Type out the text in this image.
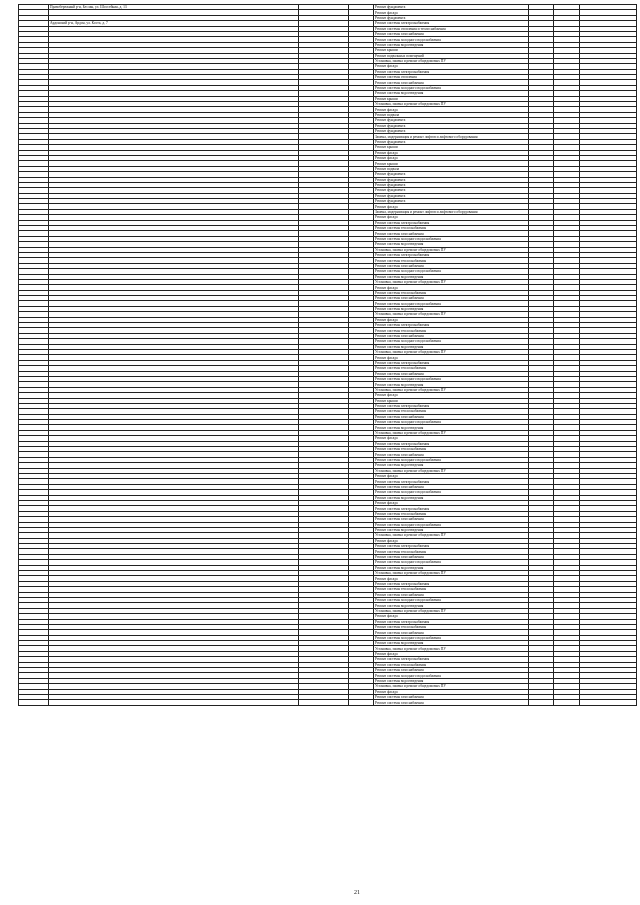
	Правобережный р-н, Беслан, ул. Шоссейная, д. 13			Ремонт фундамента			
				Ремонт фасада			
				Ремонт фундамента			
	Ардонский р-н, Ардон, ул. Коста, д. 7			Ремонт системы электроснабжения			
				Ремонт системы отопления и теплоснабжения			
				Ремонт системы газоснабжения			
				Ремонт системы холодного водоснабжения			
				Ремонт системы водоотведения			
				Ремонт крыши			
				Ремонт подвальных помещений			
				Установка, замена и ремонт общедомовых ПУ			
				Ремонт фасада			
				Ремонт системы электроснабжения			
				Ремонт системы отопления			
				Ремонт системы газоснабжения			
				Ремонт системы холодного водоснабжения			
				Ремонт системы водоотведения			
				Ремонт крыши			
				Установка, замена и ремонт общедомовых ПУ			
				Ремонт фасада			
				Ремонт подвала			
				Ремонт фундамента			
				Ремонт фундамента			
				Ремонт фундамента			
				Замена, модернизация и ремонт лифтов и лифтового оборудования			
				Ремонт фундамента			
				Ремонт крыши			
				Ремонт фасада			
				Ремонт фасада			
				Ремонт крыши			
				Ремонт подвала			
				Ремонт фундамента			
				Ремонт фундамента			
				Ремонт фундамента			
				Ремонт фундамента			
				Ремонт фундамента			
				Ремонт фундамента			
				Ремонт фасада			
				Замена, модернизация и ремонт лифтов и лифтового оборудования			
				Ремонт фасада			
				Ремонт системы электроснабжения			
				Ремонт системы теплоснабжения			
				Ремонт системы газоснабжения			
				Ремонт системы холодного водоснабжения			
				Ремонт системы водоотведения			
				Установка, замена и ремонт общедомовых ПУ			
				Ремонт системы электроснабжения			
				Ремонт системы теплоснабжения			
				Ремонт системы газоснабжения			
				Ремонт системы холодного водоснабжения			
				Ремонт системы водоотведения			
				Установка, замена и ремонт общедомовых ПУ			
				Ремонт фасада			
				Ремонт системы теплоснабжения			
				Ремонт системы газоснабжения			
				Ремонт системы холодного водоснабжения			
				Ремонт системы водоотведения			
				Установка, замена и ремонт общедомовых ПУ			
				Ремонт фасада			
				Ремонт системы электроснабжения			
				Ремонт системы теплоснабжения			
				Ремонт системы газоснабжения			
				Ремонт системы холодного водоснабжения			
				Ремонт системы водоотведения			
				Установка, замена и ремонт общедомовых ПУ			
				Ремонт фасада			
				Ремонт системы электроснабжения			
				Ремонт системы теплоснабжения			
				Ремонт системы газоснабжения			
				Ремонт системы холодного водоснабжения			
				Ремонт системы водоотведения			
				Установка, замена и ремонт общедомовых ПУ			
				Ремонт фасада			
				Ремонт крыши			
				Ремонт системы электроснабжения			
				Ремонт системы теплоснабжения			
				Ремонт системы газоснабжения			
				Ремонт системы холодного водоснабжения			
				Ремонт системы водоотведения			
				Установка, замена и ремонт общедомовых ПУ			
				Ремонт фасада			
				Ремонт системы электроснабжения			
				Ремонт системы теплоснабжения			
				Ремонт системы газоснабжения			
				Ремонт системы холодного водоснабжения			
				Ремонт системы водоотведения			
				Установка, замена и ремонт общедомовых ПУ			
				Ремонт фасада			
				Ремонт системы электроснабжения			
				Ремонт системы газоснабжения			
				Ремонт системы холодного водоснабжения			
				Ремонт системы водоотведения			
				Ремонт фасада			
				Ремонт системы электроснабжения			
				Ремонт системы теплоснабжения			
				Ремонт системы газоснабжения			
				Ремонт системы холодного водоснабжения			
				Ремонт системы водоотведения			
				Установка, замена и ремонт общедомовых ПУ			
				Ремонт фасада			
				Ремонт системы электроснабжения			
				Ремонт системы теплоснабжения			
				Ремонт системы газоснабжения			
				Ремонт системы холодного водоснабжения			
				Ремонт системы водоотведения			
				Установка, замена и ремонт общедомовых ПУ			
				Ремонт фасада			
				Ремонт системы электроснабжения			
				Ремонт системы теплоснабжения			
				Ремонт системы газоснабжения			
				Ремонт системы холодного водоснабжения			
				Ремонт системы водоотведения			
				Установка, замена и ремонт общедомовых ПУ			
				Ремонт фасада			
				Ремонт системы электроснабжения			
				Ремонт системы теплоснабжения			
				Ремонт системы газоснабжения			
				Ремонт системы холодного водоснабжения			
				Ремонт системы водоотведения			
				Установка, замена и ремонт общедомовых ПУ			
				Ремонт фасада			
				Ремонт системы электроснабжения			
				Ремонт системы теплоснабжения			
				Ремонт системы газоснабжения			
				Ремонт системы холодного водоснабжения			
				Ремонт системы водоотведения			
				Установка, замена и ремонт общедомовых ПУ			
				Ремонт фасада			
				Ремонт системы газоснабжения			
				Ремонт системы газоснабжения			
21
